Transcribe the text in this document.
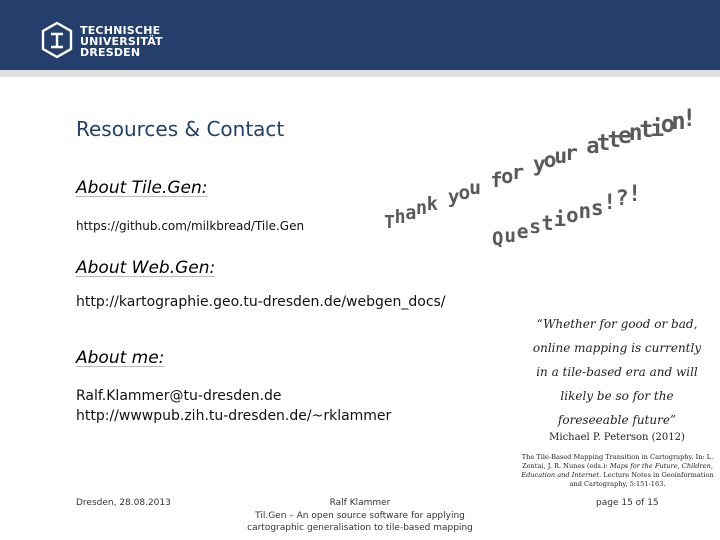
TECHNISCHE
UNIVERSITÄT
DRESDEN
Resources & Contact
About Tile.Gen:
https://github.com/milkbread/Tile.Gen
About Web.Gen:
http://kartographie.geo.tu-dresden.de/webgen_docs/
About me:
Ralf.Klammer@tu-dresden.de
http://wwwpub.zih.tu-dresden.de/~rklammer
T h a n k y o
u f
o
r y
o
u
r a
t
t
e
n
t
i
o
n
!
Q u e s t i o n s ! ? !
“Whether for good or bad,
online mapping is currently
in a tile-based era and will
likely be so for the
foreseeable future”
Michael P. Peterson (2012)
The Tile-Based Mapping Transition in Cartography. In: L. Zentai, J. R. Nunes (eds.): Maps for the Future, Children, Education and Internet. Lecture Notes in Geoinformation and Cartography, 5:151-163.
Dresden, 28.08.2013	Ralf Klammer
Til.Gen – An open source software for applying cartographic generalisation to tile-based mapping
page 15 of 15
